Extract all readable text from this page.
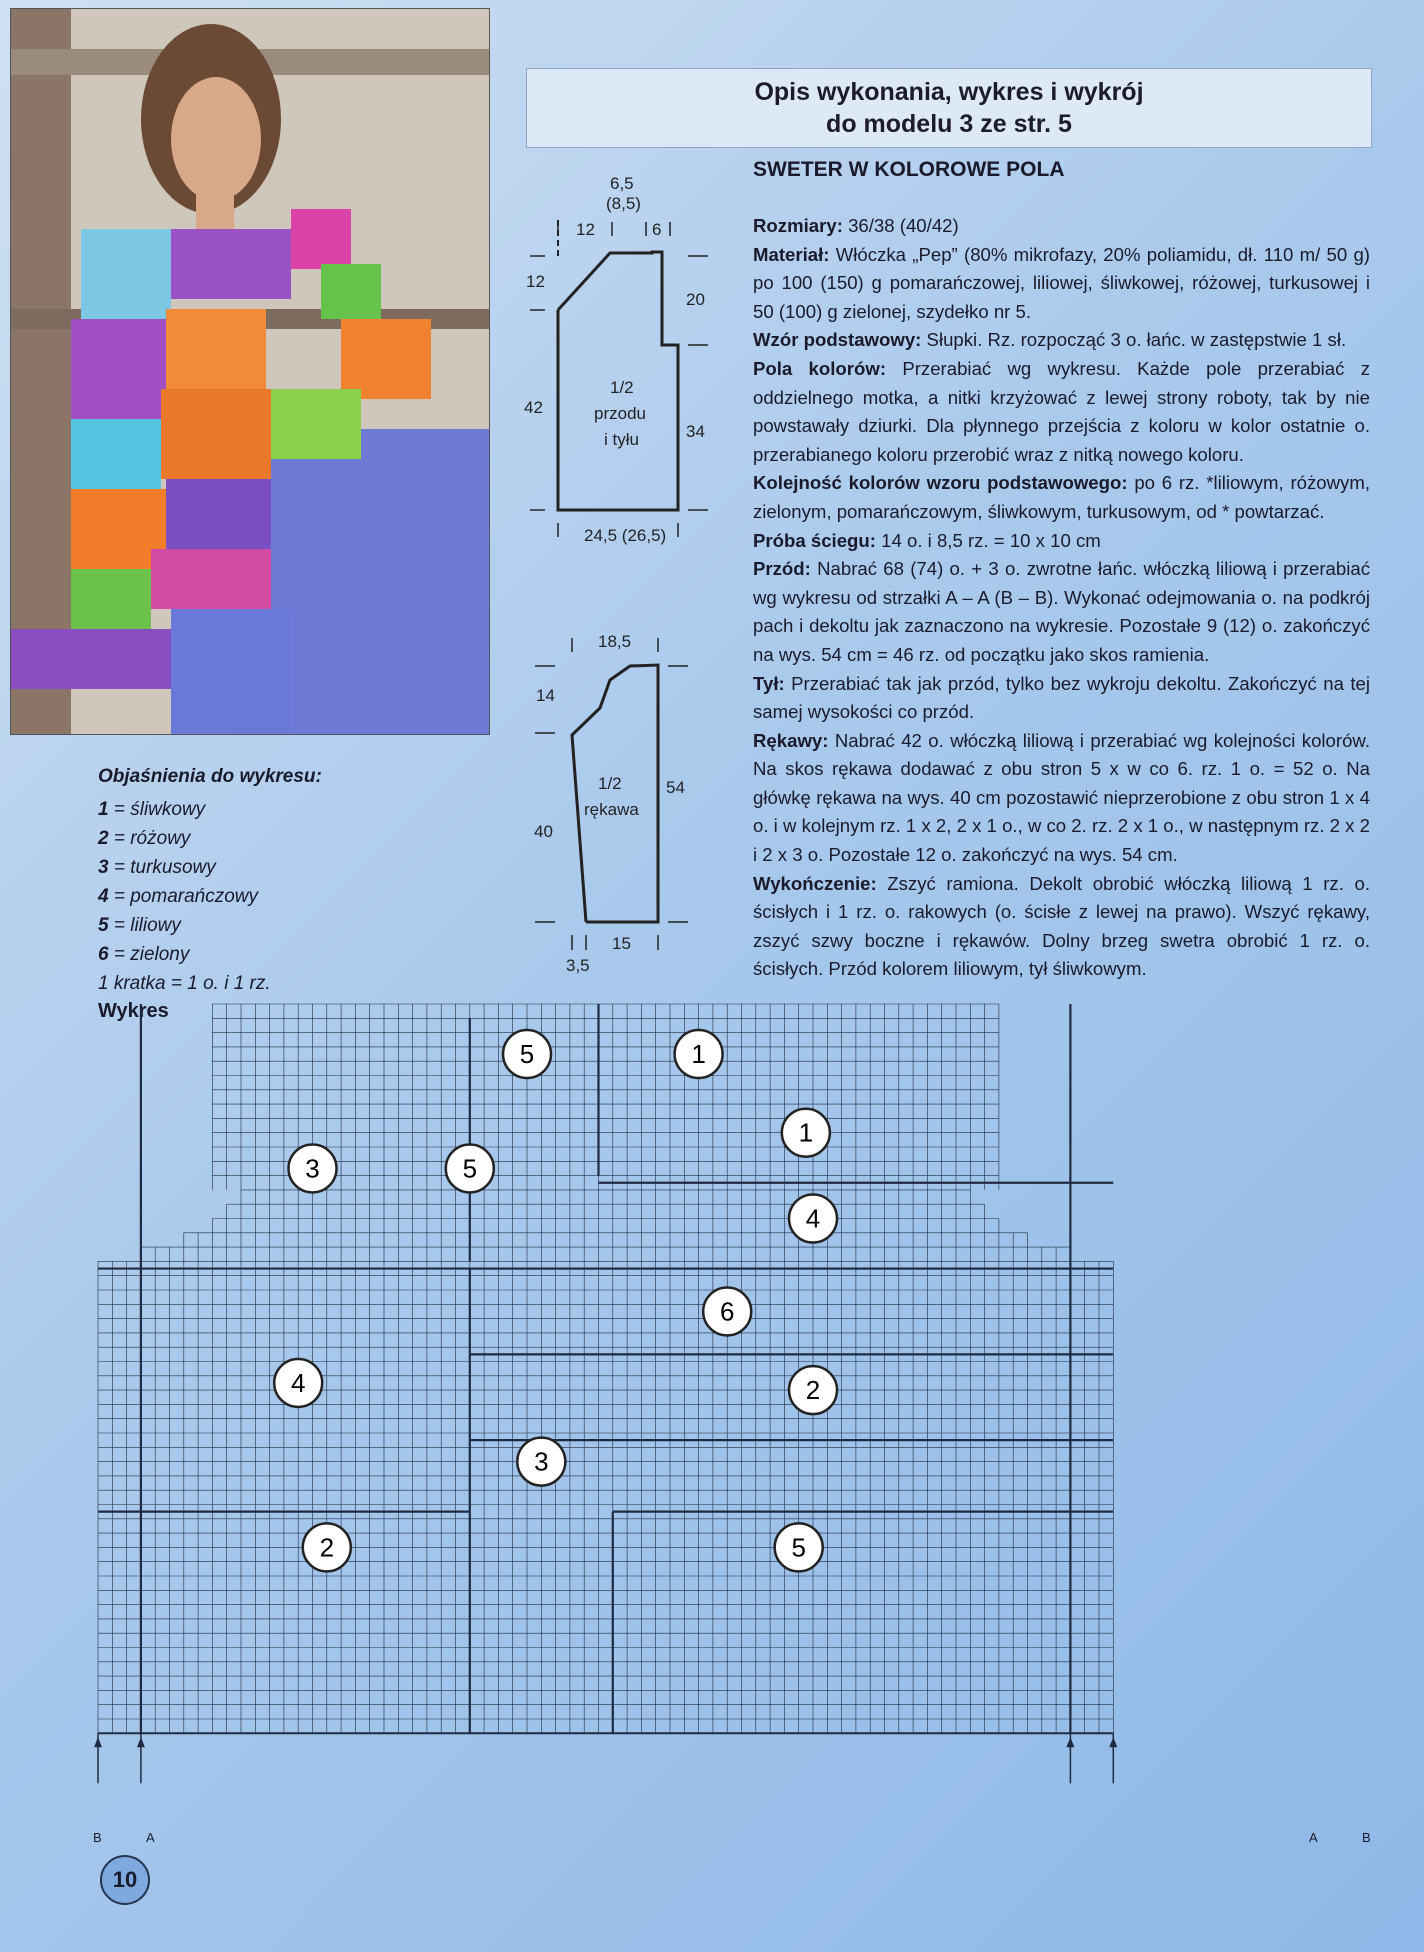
Opis wykonania, wykres i wykrój
do modelu 3 ze str. 5
SWETER W KOLOROWE POLA

Rozmiary: 36/38 (40/42)

Materiał: Włóczka „Pep” (80% mikrofazy, 20% poliamidu, dł. 110 m/ 50 g) po 100 (150) g pomarańczowej, liliowej, śliwkowej, różowej, turkusowej i 50 (100) g zielonej, szydełko nr 5.

Wzór podstawowy: Słupki. Rz. rozpocząć 3 o. łańc. w zastępstwie 1 sł.

Pola kolorów: Przerabiać wg wykresu. Każde pole przerabiać z oddzielnego motka, a nitki krzyżować z lewej strony roboty, tak by nie powstawały dziurki. Dla płynnego przejścia z koloru w kolor ostatnie o. przerabianego koloru przerobić wraz z nitką nowego koloru.

Kolejność kolorów wzoru podstawowego: po 6 rz. *liliowym, różowym, zielonym, pomarańczowym, śliwkowym, turkusowym, od * powtarzać.

Próba ściegu: 14 o. i 8,5 rz. = 10 x 10 cm

Przód: Nabrać 68 (74) o. + 3 o. zwrotne łańc. włóczką liliową i przerabiać wg wykresu od strzałki A – A (B – B). Wykonać odejmowania o. na podkrój pach i dekoltu jak zaznaczono na wykresie. Pozostałe 9 (12) o. zakończyć na wys. 54 cm = 46 rz. od początku jako skos ramienia.

Tył: Przerabiać tak jak przód, tylko bez wykroju dekoltu. Zakończyć na tej samej wysokości co przód.

Rękawy: Nabrać 42 o. włóczką liliową i przerabiać wg kolejności kolorów. Na skos rękawa dodawać z obu stron 5 x w co 6. rz. 1 o. = 52 o. Na główkę rękawa na wys. 40 cm pozostawić nieprzerobione z obu stron 1 x 4 o. i w kolejnym rz. 1 x 2, 2 x 1 o., w co 2. rz. 2 x 1 o., w następnym rz. 2 x 2 i 2 x 3 o. Pozostałe 12 o. zakończyć na wys. 54 cm.

Wykończenie: Zszyć ramiona. Dekolt obrobić włóczką liliową 1 rz. o. ścisłych i 1 rz. o. rakowych (o. ścisłe z lewej na prawo). Wszyć rękawy, zszyć szwy boczne i rękawów. Dolny brzeg swetra obrobić 1 rz. o. ścisłych. Przód kolorem liliowym, tył śliwkowym.

6,5
(8,5)
12	6
12
42
20
34
1/2
przodu
i tyłu
24,5 (26,5)
18,5
14
40
54
1/2
rękawa
15
3,5
Objaśnienia do wykresu:
1 = śliwkowy
2 = różowy
3 = turkusowy
4 = pomarańczowy
5 = liliowy
6 = zielony
1 kratka = 1 o. i 1 rz.
Wykres
5	1
1
3	5
4
6
4	2
3
2	5
B	A	A	B
10
